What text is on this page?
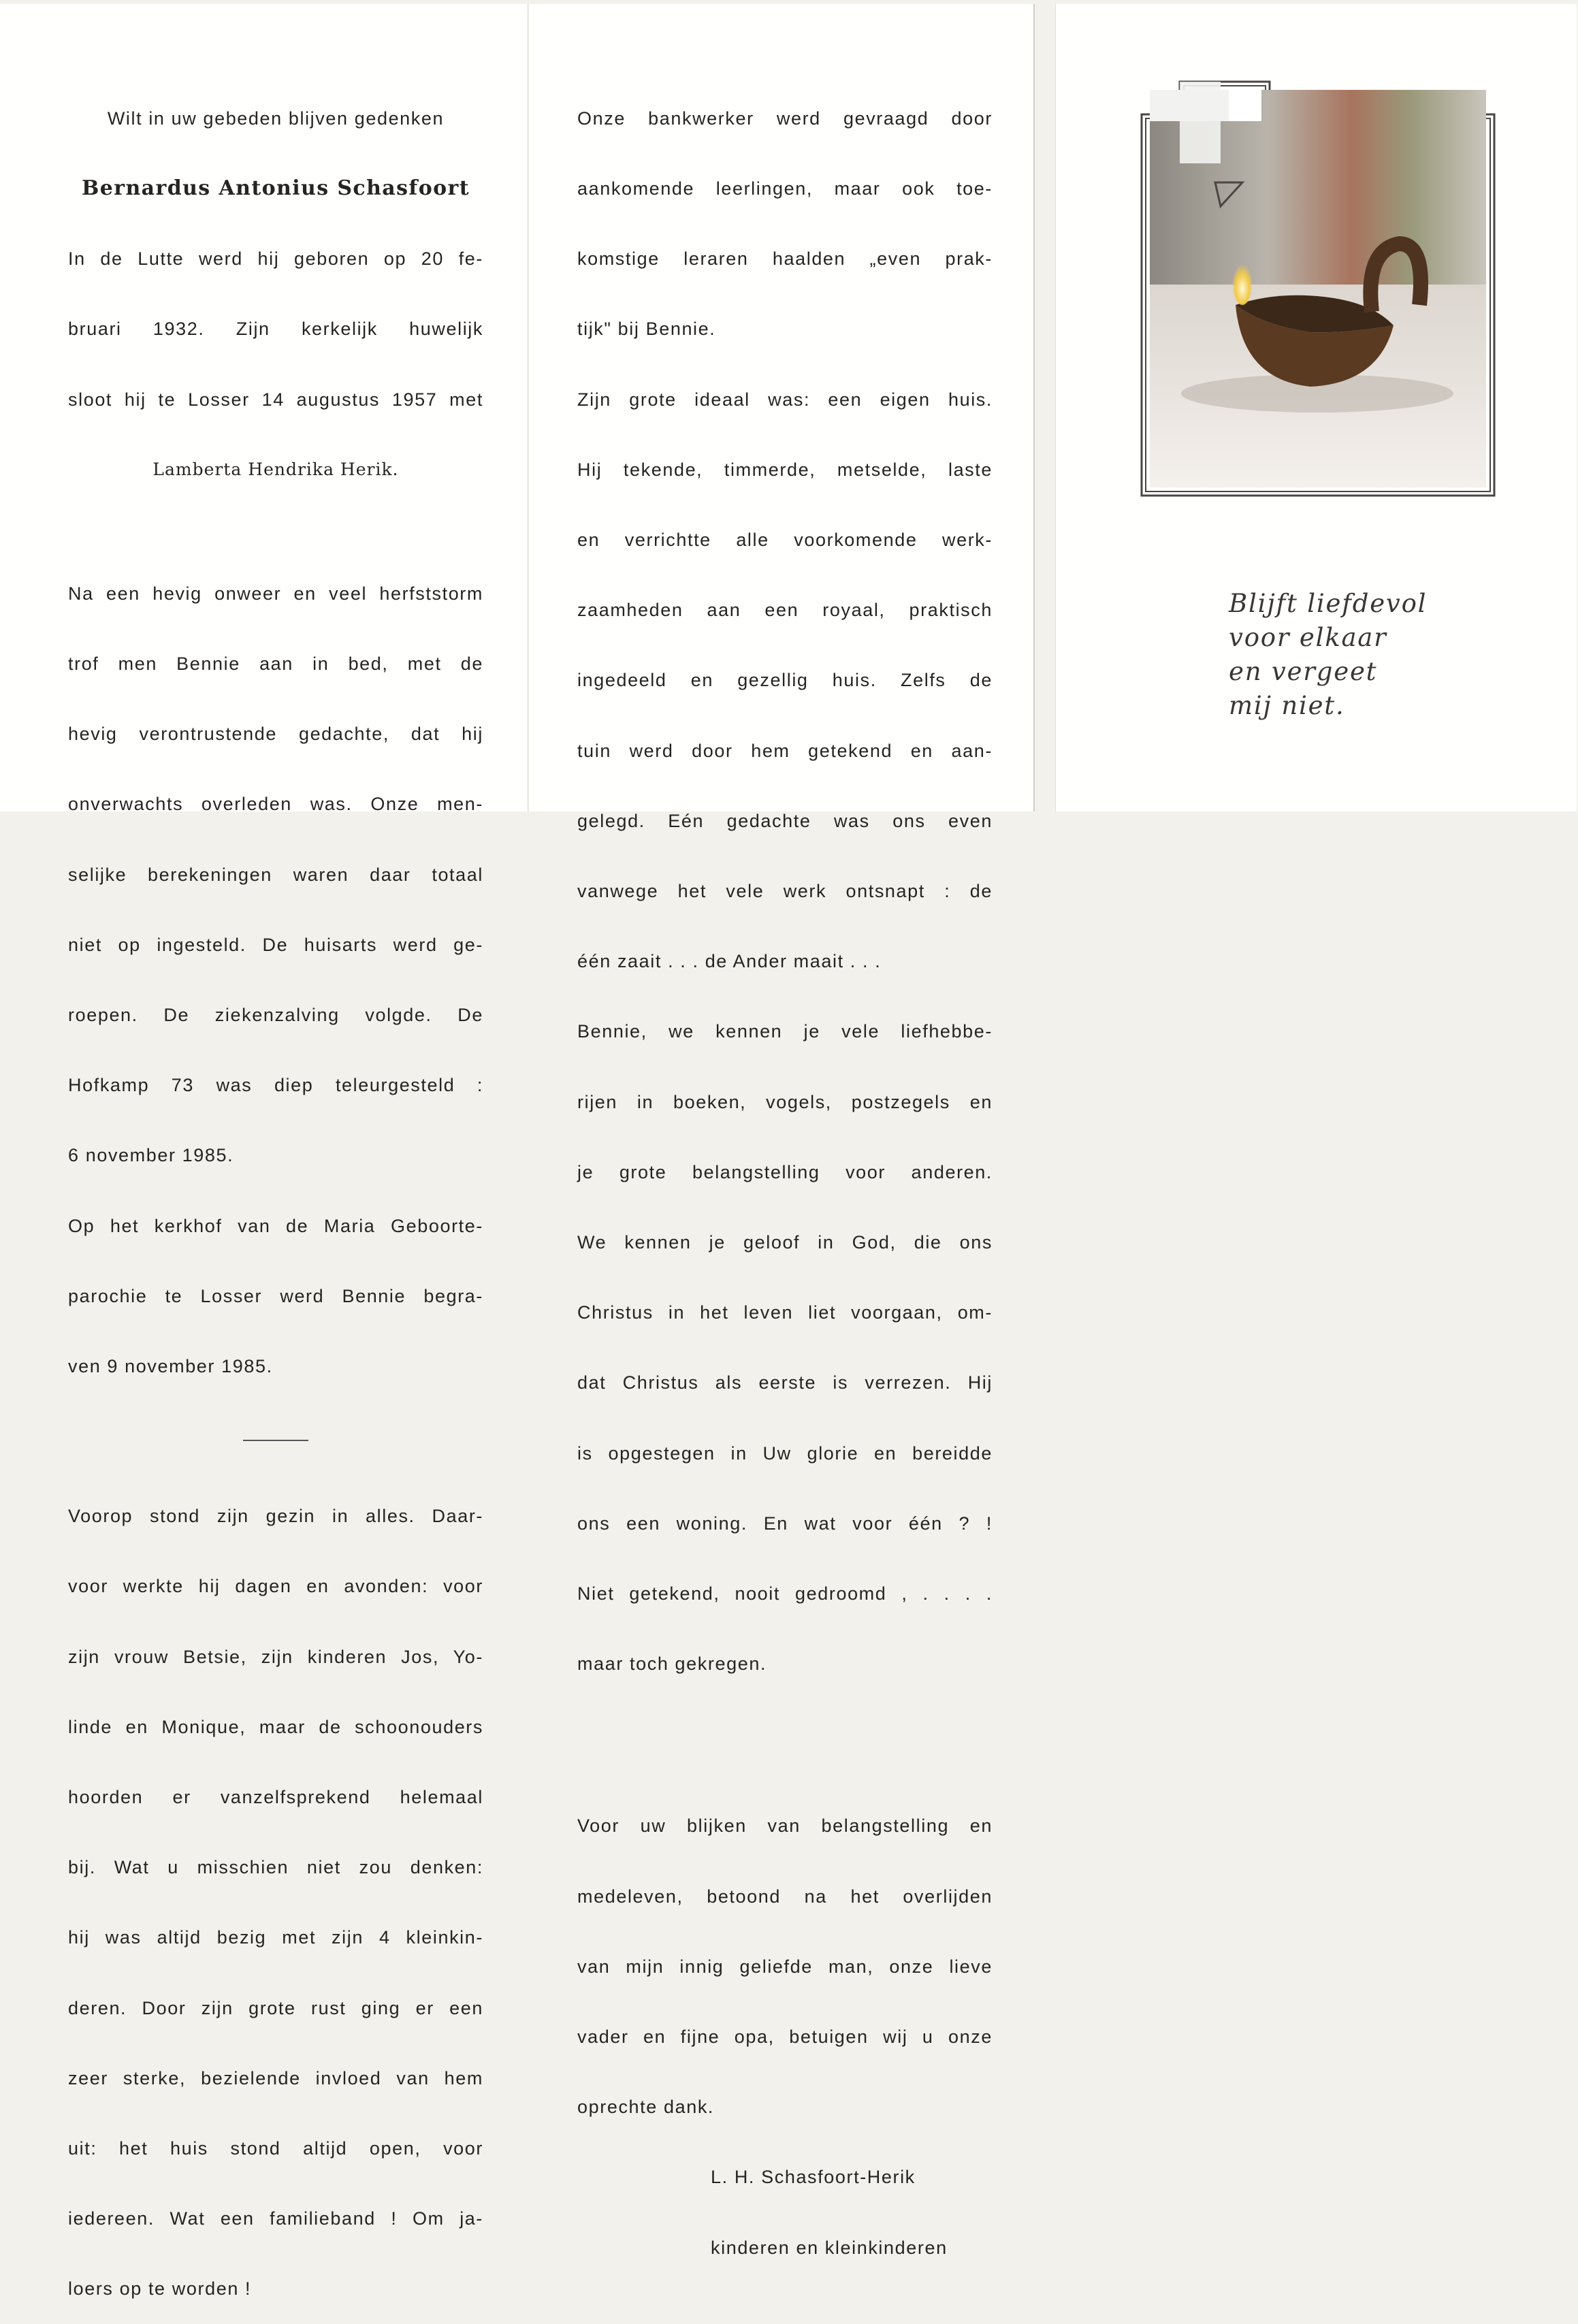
Wilt in uw gebeden blijven gedenken

Bernardus Antonius Schasfoort

In de Lutte werd hij geboren op 20 fe-

bruari 1932. Zijn kerkelijk huwelijk

sloot hij te Losser 14 augustus 1957 met

Lamberta Hendrika Herik.

Na een hevig onweer en veel herfststorm

trof men Bennie aan in bed, met de

hevig verontrustende gedachte, dat hij

onverwachts overleden was. Onze men-

selijke berekeningen waren daar totaal

niet op ingesteld. De huisarts werd ge-

roepen. De ziekenzalving volgde. De

Hofkamp 73 was diep teleurgesteld :

6 november 1985.

Op het kerkhof van de Maria Geboorte-

parochie te Losser werd Bennie begra-

ven 9 november 1985.

Voorop stond zijn gezin in alles. Daar-

voor werkte hij dagen en avonden: voor

zijn vrouw Betsie, zijn kinderen Jos, Yo-

linde en Monique, maar de schoonouders

hoorden er vanzelfsprekend helemaal

bij. Wat u misschien niet zou denken:

hij was altijd bezig met zijn 4 kleinkin-

deren. Door zijn grote rust ging er een

zeer sterke, bezielende invloed van hem

uit: het huis stond altijd open, voor

iedereen. Wat een familieband ! Om ja-

loers op te worden !

Onze bankwerker werd gevraagd door

aankomende leerlingen, maar ook toe-

komstige leraren haalden „even prak-

tijk" bij Bennie.

Zijn grote ideaal was: een eigen huis.

Hij tekende, timmerde, metselde, laste

en verrichtte alle voorkomende werk-

zaamheden aan een royaal, praktisch

ingedeeld en gezellig huis. Zelfs de

tuin werd door hem getekend en aan-

gelegd. Eén gedachte was ons even

vanwege het vele werk ontsnapt : de

één zaait . . . de Ander maait . . .

Bennie, we kennen je vele liefhebbe-

rijen in boeken, vogels, postzegels en

je grote belangstelling voor anderen.

We kennen je geloof in God, die ons

Christus in het leven liet voorgaan, om-

dat Christus als eerste is verrezen. Hij

is opgestegen in Uw glorie en bereidde

ons een woning. En wat voor één ? !

Niet getekend, nooit gedroomd , . . . .

maar toch gekregen.

Voor uw blijken van belangstelling en

medeleven, betoond na het overlijden

van mijn innig geliefde man, onze lieve

vader en fijne opa, betuigen wij u onze

oprechte dank.

L. H. Schasfoort-Herik

kinderen en kleinkinderen

Blijft liefdevol
voor elkaar
en vergeet
mij niet.
